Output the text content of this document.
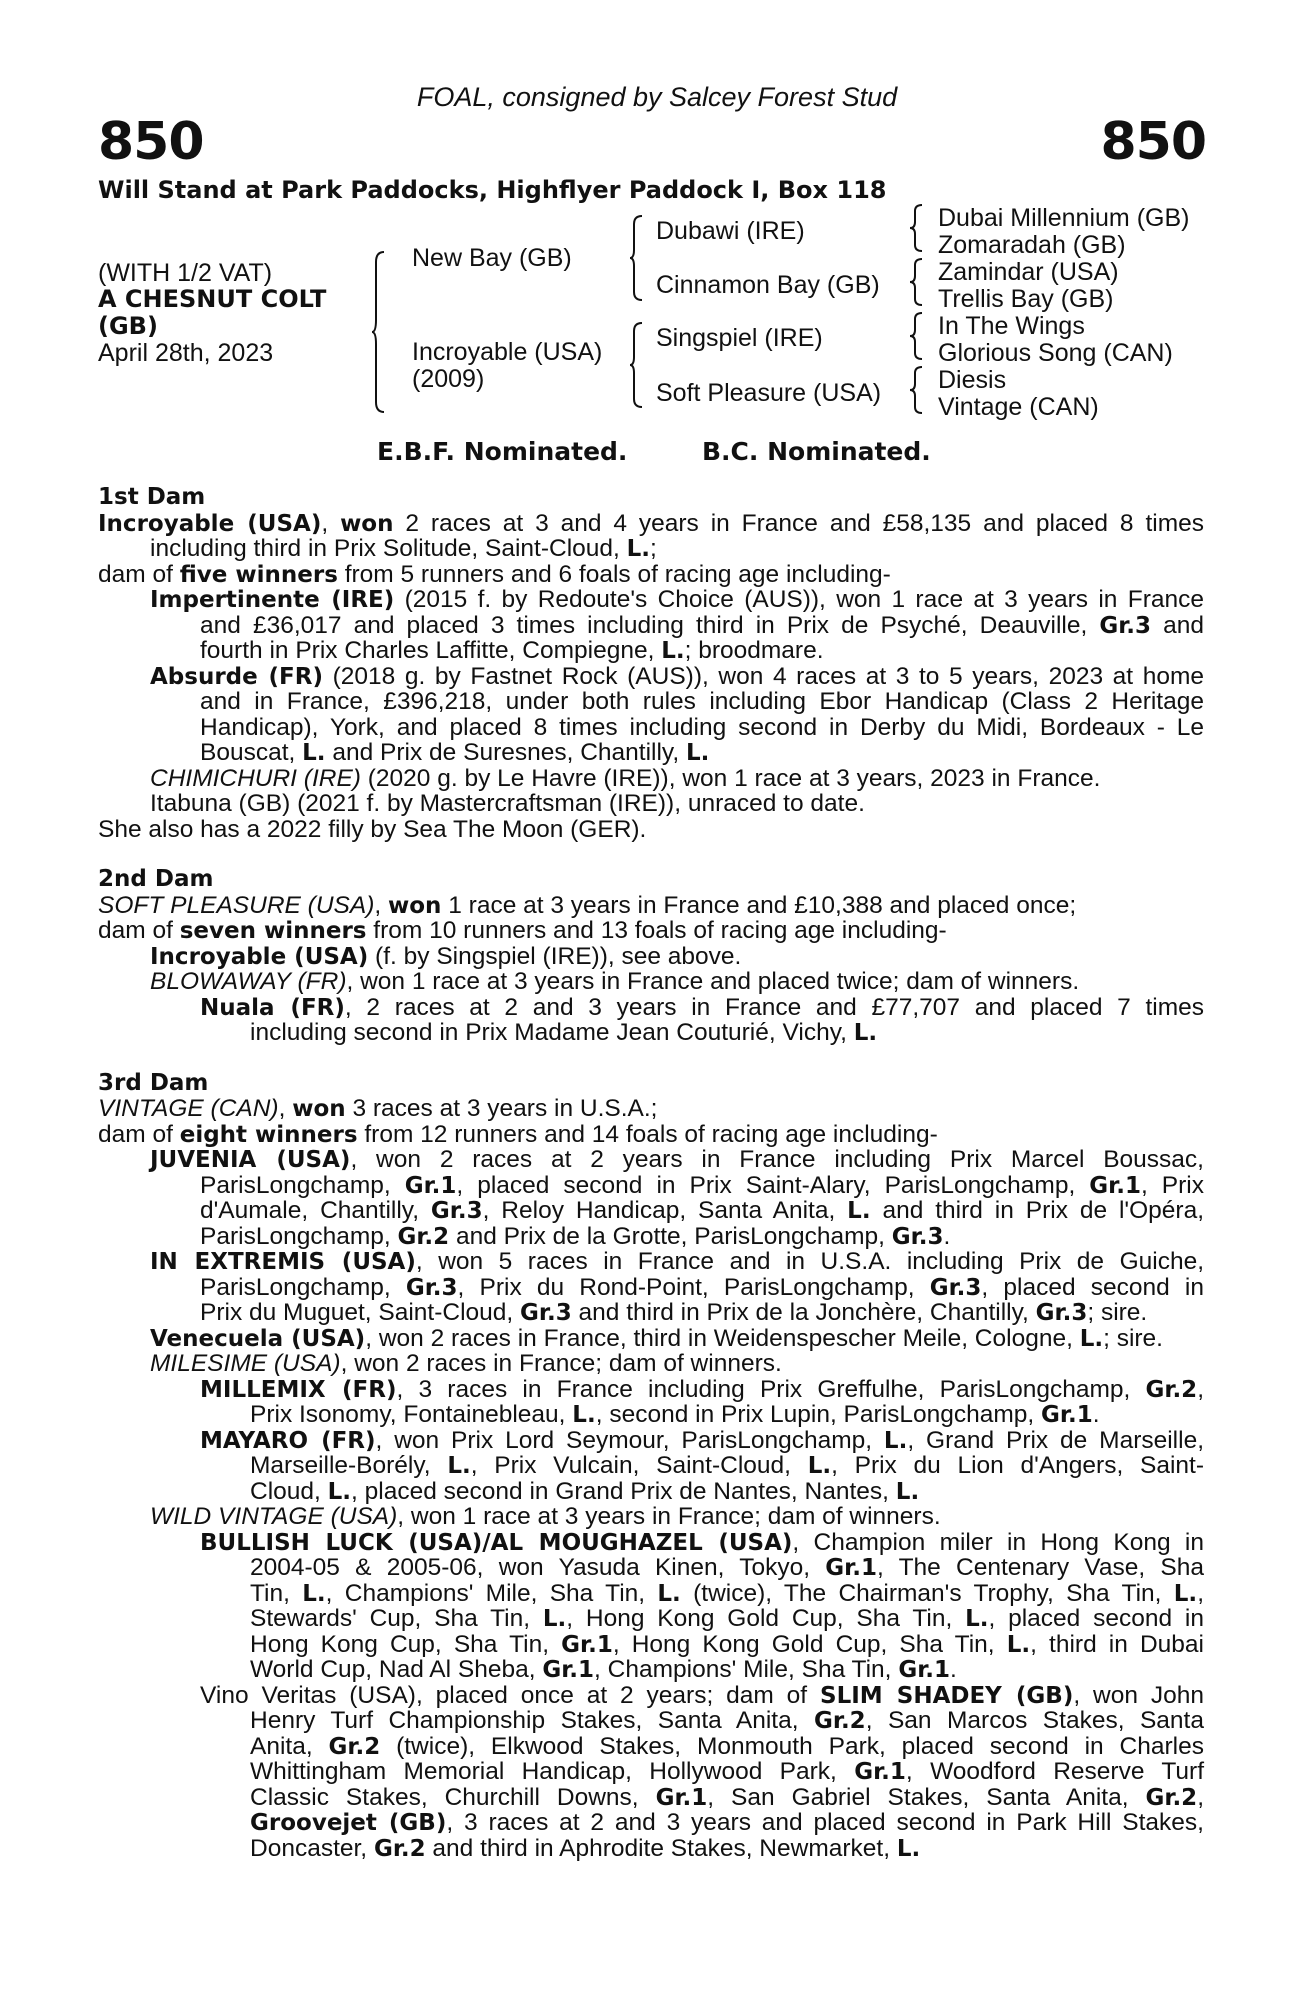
FOAL, consigned by Salcey Forest Stud
850	850
Will Stand at Park Paddocks, Highflyer Paddock I, Box 118
(WITH 1/2 VAT)
A CHESNUT COLT
(GB)
April 28th, 2023
New Bay (GB)
Incroyable (USA)
(2009)
Dubawi (IRE)
Cinnamon Bay (GB)
Singspiel (IRE)
Soft Pleasure (USA)
Dubai Millennium (GB)
Zomaradah (GB)
Zamindar (USA)
Trellis Bay (GB)
In The Wings
Glorious Song (CAN)
Diesis
Vintage (CAN)
E.B.F. Nominated.	B.C. Nominated.
1st Dam
Incroyable (USA), won 2 races at 3 and 4 years in France and £58,135 and placed 8 times
including third in Prix Solitude, Saint-Cloud, L.;
dam of five winners from 5 runners and 6 foals of racing age including-
Impertinente (IRE) (2015 f. by Redoute's Choice (AUS)), won 1 race at 3 years in France
and £36,017 and placed 3 times including third in Prix de Psyché, Deauville, Gr.3 and
fourth in Prix Charles Laffitte, Compiegne, L.; broodmare.
Absurde (FR) (2018 g. by Fastnet Rock (AUS)), won 4 races at 3 to 5 years, 2023 at home
and in France, £396,218, under both rules including Ebor Handicap (Class 2 Heritage
Handicap), York, and placed 8 times including second in Derby du Midi, Bordeaux - Le
Bouscat, L. and Prix de Suresnes, Chantilly, L.
CHIMICHURI (IRE) (2020 g. by Le Havre (IRE)), won 1 race at 3 years, 2023 in France.
Itabuna (GB) (2021 f. by Mastercraftsman (IRE)), unraced to date.
She also has a 2022 filly by Sea The Moon (GER).
2nd Dam
SOFT PLEASURE (USA), won 1 race at 3 years in France and £10,388 and placed once;
dam of seven winners from 10 runners and 13 foals of racing age including-
Incroyable (USA) (f. by Singspiel (IRE)), see above.
BLOWAWAY (FR), won 1 race at 3 years in France and placed twice; dam of winners.
Nuala (FR), 2 races at 2 and 3 years in France and £77,707 and placed 7 times
including second in Prix Madame Jean Couturié, Vichy, L.
3rd Dam
VINTAGE (CAN), won 3 races at 3 years in U.S.A.;
dam of eight winners from 12 runners and 14 foals of racing age including-
JUVENIA (USA), won 2 races at 2 years in France including Prix Marcel Boussac,
ParisLongchamp, Gr.1, placed second in Prix Saint-Alary, ParisLongchamp, Gr.1, Prix
d'Aumale, Chantilly, Gr.3, Reloy Handicap, Santa Anita, L. and third in Prix de l'Opéra,
ParisLongchamp, Gr.2 and Prix de la Grotte, ParisLongchamp, Gr.3.
IN EXTREMIS (USA), won 5 races in France and in U.S.A. including Prix de Guiche,
ParisLongchamp, Gr.3, Prix du Rond-Point, ParisLongchamp, Gr.3, placed second in
Prix du Muguet, Saint-Cloud, Gr.3 and third in Prix de la Jonchère, Chantilly, Gr.3; sire.
Venecuela (USA), won 2 races in France, third in Weidenspescher Meile, Cologne, L.; sire.
MILESIME (USA), won 2 races in France; dam of winners.
MILLEMIX (FR), 3 races in France including Prix Greffulhe, ParisLongchamp, Gr.2,
Prix Isonomy, Fontainebleau, L., second in Prix Lupin, ParisLongchamp, Gr.1.
MAYARO (FR), won Prix Lord Seymour, ParisLongchamp, L., Grand Prix de Marseille,
Marseille-Borély, L., Prix Vulcain, Saint-Cloud, L., Prix du Lion d'Angers, Saint-
Cloud, L., placed second in Grand Prix de Nantes, Nantes, L.
WILD VINTAGE (USA), won 1 race at 3 years in France; dam of winners.
BULLISH LUCK (USA)/AL MOUGHAZEL (USA), Champion miler in Hong Kong in
2004-05 & 2005-06, won Yasuda Kinen, Tokyo, Gr.1, The Centenary Vase, Sha
Tin, L., Champions' Mile, Sha Tin, L. (twice), The Chairman's Trophy, Sha Tin, L.,
Stewards' Cup, Sha Tin, L., Hong Kong Gold Cup, Sha Tin, L., placed second in
Hong Kong Cup, Sha Tin, Gr.1, Hong Kong Gold Cup, Sha Tin, L., third in Dubai
World Cup, Nad Al Sheba, Gr.1, Champions' Mile, Sha Tin, Gr.1.
Vino Veritas (USA), placed once at 2 years; dam of SLIM SHADEY (GB), won John
Henry Turf Championship Stakes, Santa Anita, Gr.2, San Marcos Stakes, Santa
Anita, Gr.2 (twice), Elkwood Stakes, Monmouth Park, placed second in Charles
Whittingham Memorial Handicap, Hollywood Park, Gr.1, Woodford Reserve Turf
Classic Stakes, Churchill Downs, Gr.1, San Gabriel Stakes, Santa Anita, Gr.2,
Groovejet (GB), 3 races at 2 and 3 years and placed second in Park Hill Stakes,
Doncaster, Gr.2 and third in Aphrodite Stakes, Newmarket, L.
